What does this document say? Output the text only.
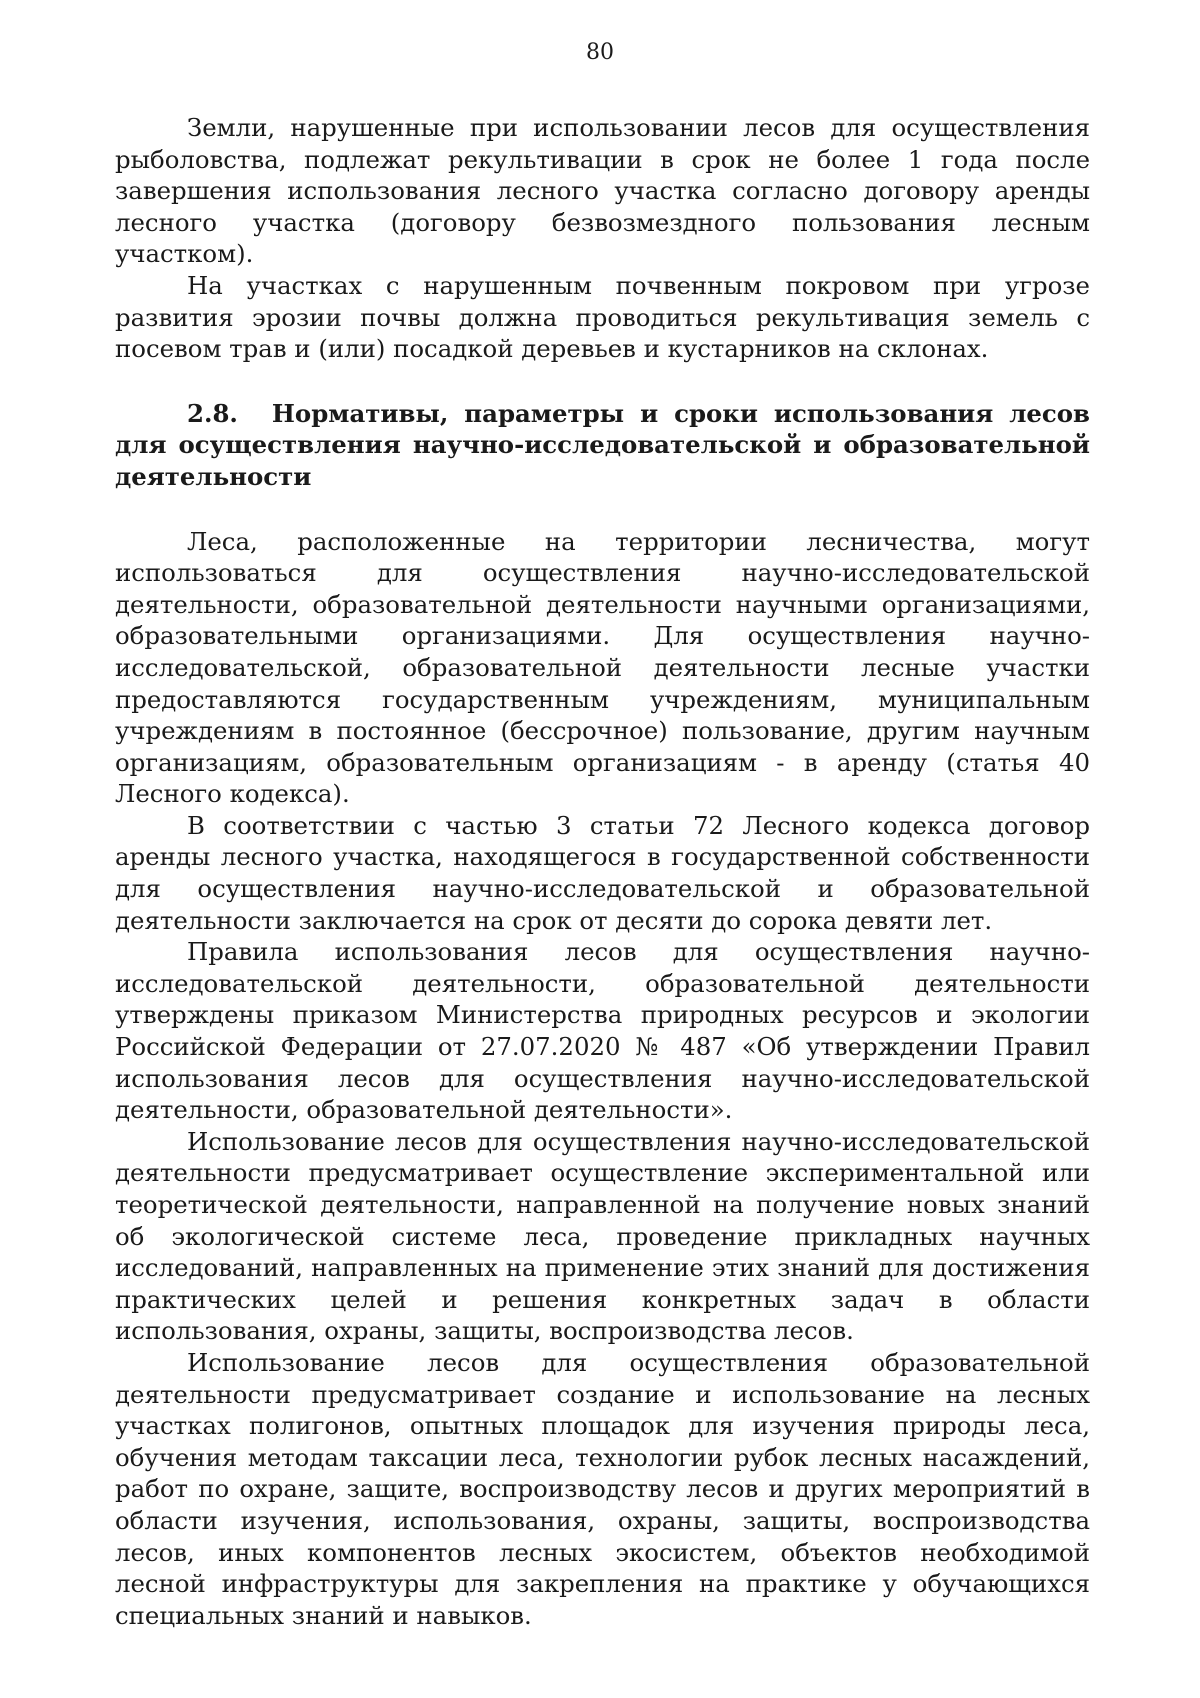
80

Земли, нарушенные при использовании лесов для осуществления рыболовства, подлежат рекультивации в срок не более 1 года после завершения использования лесного участка согласно договору аренды лесного участка (договору безвозмездного пользования лесным участком).

На участках с нарушенным почвенным покровом при угрозе развития эрозии почвы должна проводиться рекультивация земель с посевом трав и (или) посадкой деревьев и кустарников на склонах.

2.8. Нормативы, параметры и сроки использования лесов для осуществления научно-исследовательской и образовательной деятельности

Леса, расположенные на территории лесничества, могут использоваться для осуществления научно-исследовательской деятельности, образовательной деятельности научными организациями, образовательными организациями. Для осуществления научно-исследовательской, образовательной деятельности лесные участки предоставляются государственным учреждениям, муниципальным учреждениям в постоянное (бессрочное) пользование, другим научным организациям, образовательным организациям - в аренду (статья 40 Лесного кодекса).

В соответствии с частью 3 статьи 72 Лесного кодекса договор аренды лесного участка, находящегося в государственной собственности для осуществления научно-исследовательской и образовательной деятельности заключается на срок от десяти до сорока девяти лет.

Правила использования лесов для осуществления научно-исследовательской деятельности, образовательной деятельности утверждены приказом Министерства природных ресурсов и экологии Российской Федерации от 27.07.2020 № 487 «Об утверждении Правил использования лесов для осуществления научно-исследовательской деятельности, образовательной деятельности».

Использование лесов для осуществления научно-исследовательской деятельности предусматривает осуществление экспериментальной или теоретической деятельности, направленной на получение новых знаний об экологической системе леса, проведение прикладных научных исследований, направленных на применение этих знаний для достижения практических целей и решения конкретных задач в области использования, охраны, защиты, воспроизводства лесов.

Использование лесов для осуществления образовательной деятельности предусматривает создание и использование на лесных участках полигонов, опытных площадок для изучения природы леса, обучения методам таксации леса, технологии рубок лесных насаждений, работ по охране, защите, воспроизводству лесов и других мероприятий в области изучения, использования, охраны, защиты, воспроизводства лесов, иных компонентов лесных экосистем, объектов необходимой лесной инфраструктуры для закрепления на практике у обучающихся специальных знаний и навыков.
